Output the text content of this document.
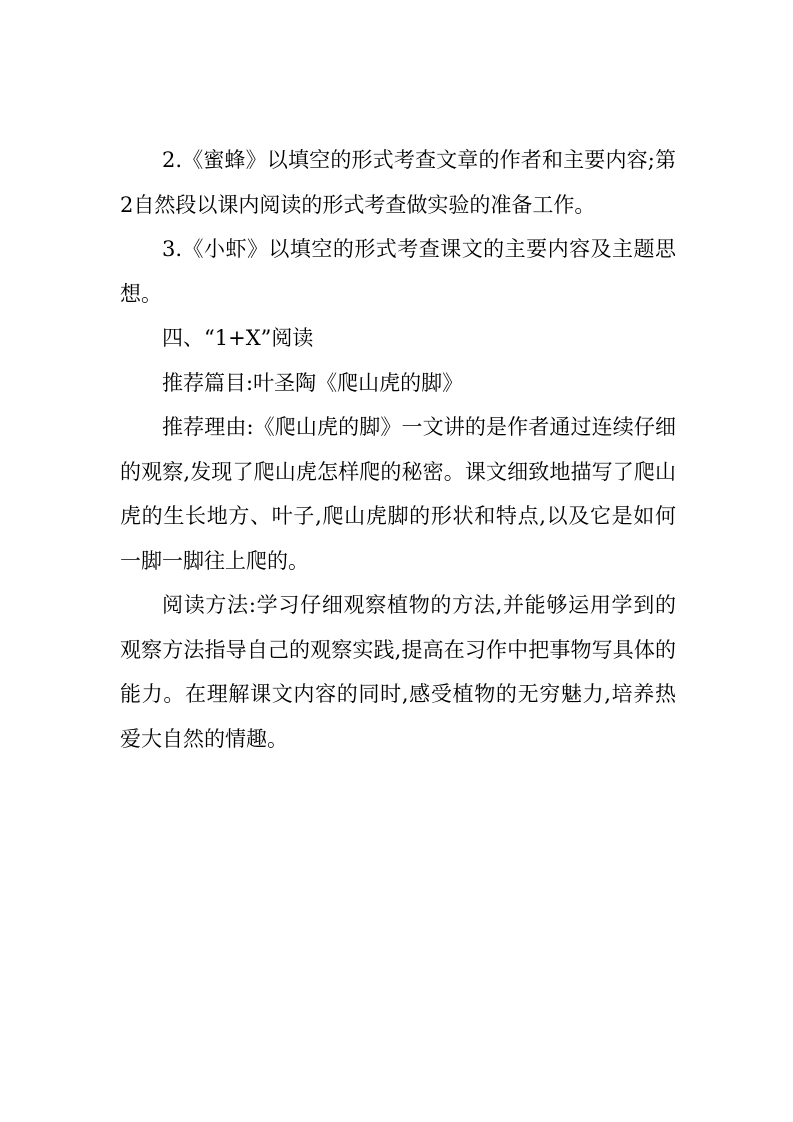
2.《蜜蜂》以填空的形式考查文章的作者和主要内容;第2自然段以课内阅读的形式考查做实验的准备工作。

3.《小虾》以填空的形式考查课文的主要内容及主题思想。

四、“1+X”阅读

推荐篇目:叶圣陶《爬山虎的脚》

推荐理由:《爬山虎的脚》一文讲的是作者通过连续仔细的观察,发现了爬山虎怎样爬的秘密。课文细致地描写了爬山虎的生长地方、叶子,爬山虎脚的形状和特点,以及它是如何一脚一脚往上爬的。

阅读方法:学习仔细观察植物的方法,并能够运用学到的观察方法指导自己的观察实践,提高在习作中把事物写具体的能力。在理解课文内容的同时,感受植物的无穷魅力,培养热爱大自然的情趣。
